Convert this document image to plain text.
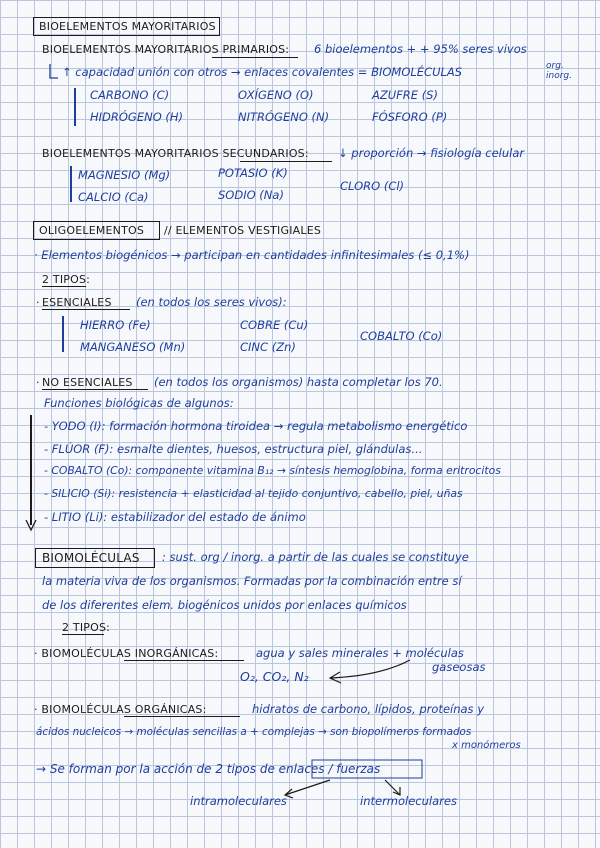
BIOELEMENTOS MAYORITARIOS
BIOELEMENTOS MAYORITARIOS PRIMARIOS: 6 bioelementos + + 95% seres vivos
↑ capacidad unión con otros → enlaces covalentes = BIOMOLÉCULAS	org. inorg.
CARBONO (C)	OXÍGENO (O)	AZUFRE (S)
HIDRÓGENO (H)	NITRÓGENO (N)	FÓSFORO (P)
BIOELEMENTOS MAYORITARIOS SECUNDARIOS:	↓ proporción → fisiología celular
MAGNESIO (Mg)	POTASIO (K)
CALCIO (Ca)	SODIO (Na)
CLORO (Cl)
OLIGOELEMENTOS // ELEMENTOS VESTIGIALES
· Elementos biogénicos → participan en cantidades infinitesimales (≤ 0,1%)
2 TIPOS:
· ESENCIALES (en todos los seres vivos):
HIERRO (Fe)	COBRE (Cu)
MANGANESO (Mn)	CINC (Zn)
COBALTO (Co)
· NO ESENCIALES (en todos los organismos) hasta completar los 70.
Funciones biológicas de algunos:
- YODO (I): formación hormona tiroidea → regula metabolismo energético
- FLÚOR (F): esmalte dientes, huesos, estructura piel, glándulas...
- COBALTO (Co): componente vitamina B₁₂ → síntesis hemoglobina, forma eritrocitos
- SILICIO (Si): resistencia + elasticidad al tejido conjuntivo, cabello, piel, uñas
- LITIO (Li): estabilizador del estado de ánimo
BIOMOLÉCULAS : sust. org / inorg. a partir de las cuales se constituye
la materia viva de los organismos. Formadas por la combinación entre sí
de los diferentes elem. biogénicos unidos por enlaces químicos
2 TIPOS:
· BIOMOLÉCULAS INORGÁNICAS:	agua y sales minerales + moléculas
gaseosas
O₂, CO₂, N₂
· BIOMOLÉCULAS ORGÁNICAS:	hidratos de carbono, lípidos, proteínas y
ácidos nucleicos → moléculas sencillas a + complejas → son biopolímeros formados
x monómeros
→ Se forman por la acción de 2 tipos de enlaces / fuerzas
intramoleculares	intermoleculares
